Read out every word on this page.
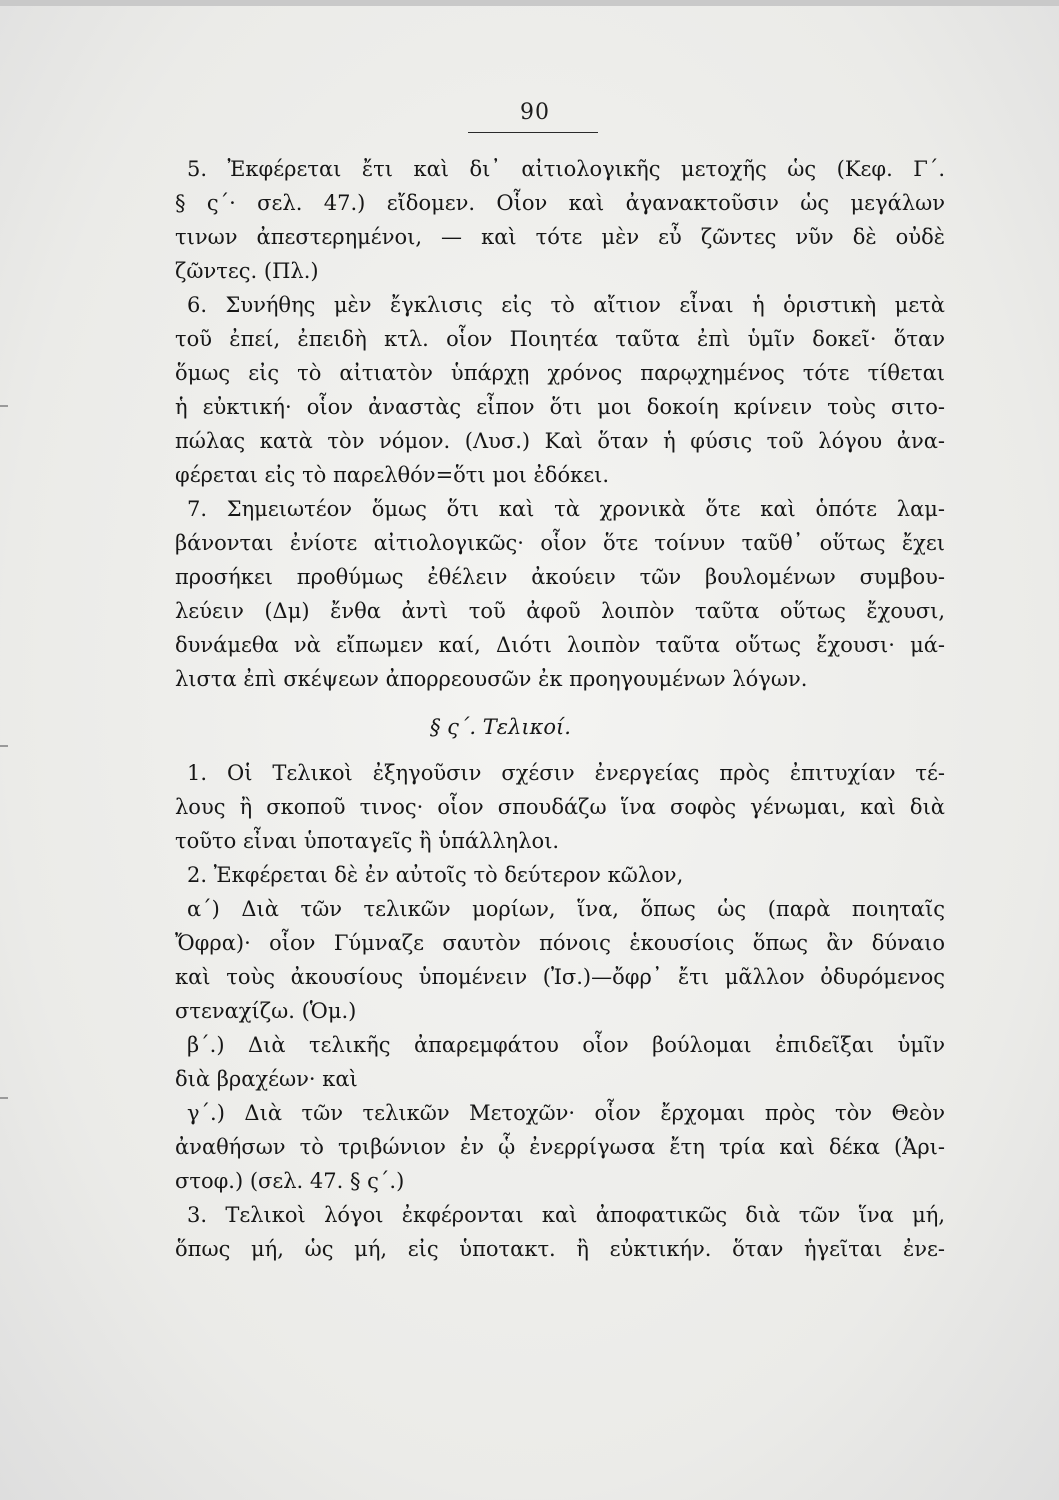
90
5. Ἐκφέρεται ἔτι καὶ δι᾽ αἰτιολογικῆς μετοχῆς ὡς (Κεφ. Γ΄.
§ ς΄· σελ. 47.) εἴδομεν. Οἷον καὶ ἀγανακτοῦσιν ὡς μεγάλων
τινων ἀπεστερημένοι, — καὶ τότε μὲν εὖ ζῶντες νῦν δὲ οὐδὲ
ζῶντες. (Πλ.)
6. Συνήθης μὲν ἔγκλισις εἰς τὸ αἴτιον εἶναι ἡ ὁριστικὴ μετὰ
τοῦ ἐπεί, ἐπειδὴ κτλ. οἷον Ποιητέα ταῦτα ἐπὶ ὑμῖν δοκεῖ· ὅταν
ὅμως εἰς τὸ αἰτιατὸν ὑπάρχῃ χρόνος παρῳχημένος τότε τίθεται
ἡ εὐκτική· οἷον ἀναστὰς εἶπον ὅτι μοι δοκοίη κρίνειν τοὺς σιτο-
πώλας κατὰ τὸν νόμον. (Λυσ.) Καὶ ὅταν ἡ φύσις τοῦ λόγου ἀνα-
φέρεται εἰς τὸ παρελθόν=ὅτι μοι ἐδόκει.
7. Σημειωτέον ὅμως ὅτι καὶ τὰ χρονικὰ ὅτε καὶ ὁπότε λαμ-
βάνονται ἐνίοτε αἰτιολογικῶς· οἷον ὅτε τοίνυν ταῦθ᾽ οὕτως ἔχει
προσήκει προθύμως ἐθέλειν ἀκούειν τῶν βουλομένων συμβου-
λεύειν (Δμ) ἔνθα ἀντὶ τοῦ ἀφοῦ λοιπὸν ταῦτα οὕτως ἔχουσι,
δυνάμεθα νὰ εἴπωμεν καί, Διότι λοιπὸν ταῦτα οὕτως ἔχουσι· μά-
λιστα ἐπὶ σκέψεων ἀπορρεουσῶν ἐκ προηγουμένων λόγων.
§ ς΄. Τελικοί.
1. Οἱ Τελικοὶ ἐξηγοῦσιν σχέσιν ἐνεργείας πρὸς ἐπιτυχίαν τέ-
λους ἢ σκοποῦ τινος· οἷον σπουδάζω ἵνα σοφὸς γένωμαι, καὶ διὰ
τοῦτο εἶναι ὑποταγεῖς ἢ ὑπάλληλοι.
2. Ἐκφέρεται δὲ ἐν αὐτοῖς τὸ δεύτερον κῶλον,
α΄) Διὰ τῶν τελικῶν μορίων, ἵνα, ὅπως ὡς (παρὰ ποιηταῖς
Ὄφρα)· οἷον Γύμναζε σαυτὸν πόνοις ἑκουσίοις ὅπως ἂν δύναιο
καὶ τοὺς ἀκουσίους ὑπομένειν (Ἰσ.)—ὄφρ᾽ ἔτι μᾶλλον ὀδυρόμενος
στεναχίζω. (Ὁμ.)
β΄.) Διὰ τελικῆς ἀπαρεμφάτου οἷον βούλομαι ἐπιδεῖξαι ὑμῖν
διὰ βραχέων· καὶ
γ΄.) Διὰ τῶν τελικῶν Μετοχῶν· οἷον ἔρχομαι πρὸς τὸν Θεὸν
ἀναθήσων τὸ τριβώνιον ἐν ᾧ ἐνερρίγωσα ἔτη τρία καὶ δέκα (Ἀρι-
στοφ.) (σελ. 47. § ς΄.)
3. Τελικοὶ λόγοι ἐκφέρονται καὶ ἀποφατικῶς διὰ τῶν ἵνα μή,
ὅπως μή, ὡς μή, εἰς ὑποτακτ. ἢ εὐκτικήν. ὅταν ἡγεῖται ἐνε-
